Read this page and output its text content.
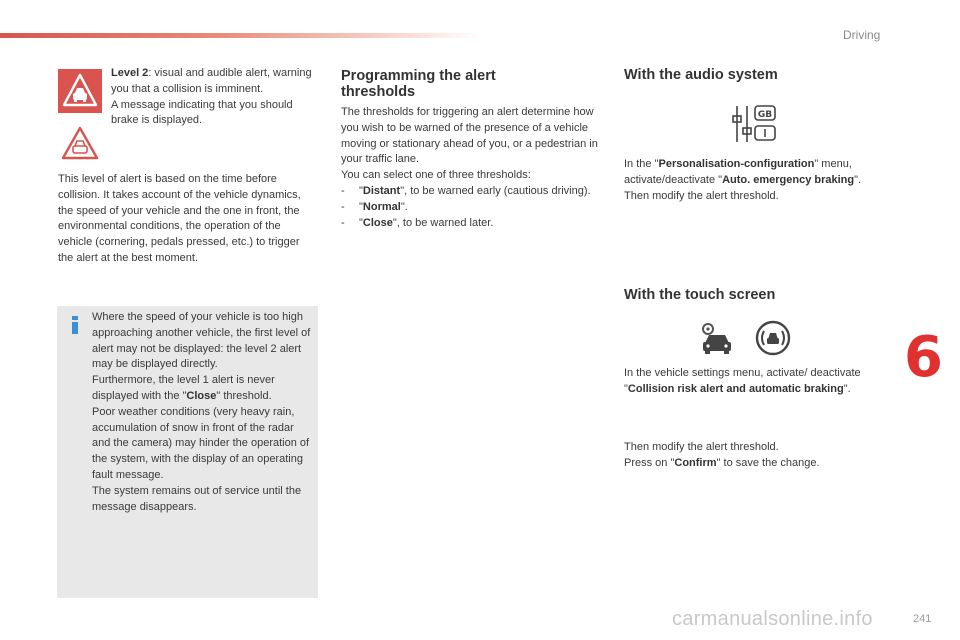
Driving
Level 2: visual and audible alert, warning you that a collision is imminent.
A message indicating that you should brake is displayed.
This level of alert is based on the time before collision. It takes account of the vehicle dynamics, the speed of your vehicle and the one in front, the environmental conditions, the operation of the vehicle (cornering, pedals pressed, etc.) to trigger the alert at the best moment.
Where the speed of your vehicle is too high approaching another vehicle, the first level of alert may not be displayed: the level 2 alert may be displayed directly.
Furthermore, the level 1 alert is never displayed with the "Close" threshold.
Poor weather conditions (very heavy rain, accumulation of snow in front of the radar and the camera) may hinder the operation of the system, with the display of an operating fault message.
The system remains out of service until the message disappears.
Programming the alert thresholds
The thresholds for triggering an alert determine how you wish to be warned of the presence of a vehicle moving or stationary ahead of you, or a pedestrian in your traffic lane.
You can select one of three thresholds:
-	"Distant", to be warned early (cautious driving).
-	"Normal".
-	"Close", to be warned later.
With the audio system
GB
In the "Personalisation-configuration" menu, activate/deactivate "Auto. emergency braking".
Then modify the alert threshold.
With the touch screen
In the vehicle settings menu, activate/ deactivate "Collision risk alert and automatic braking".
Then modify the alert threshold.
Press on "Confirm" to save the change.
6
carmanualsonline.info	241
